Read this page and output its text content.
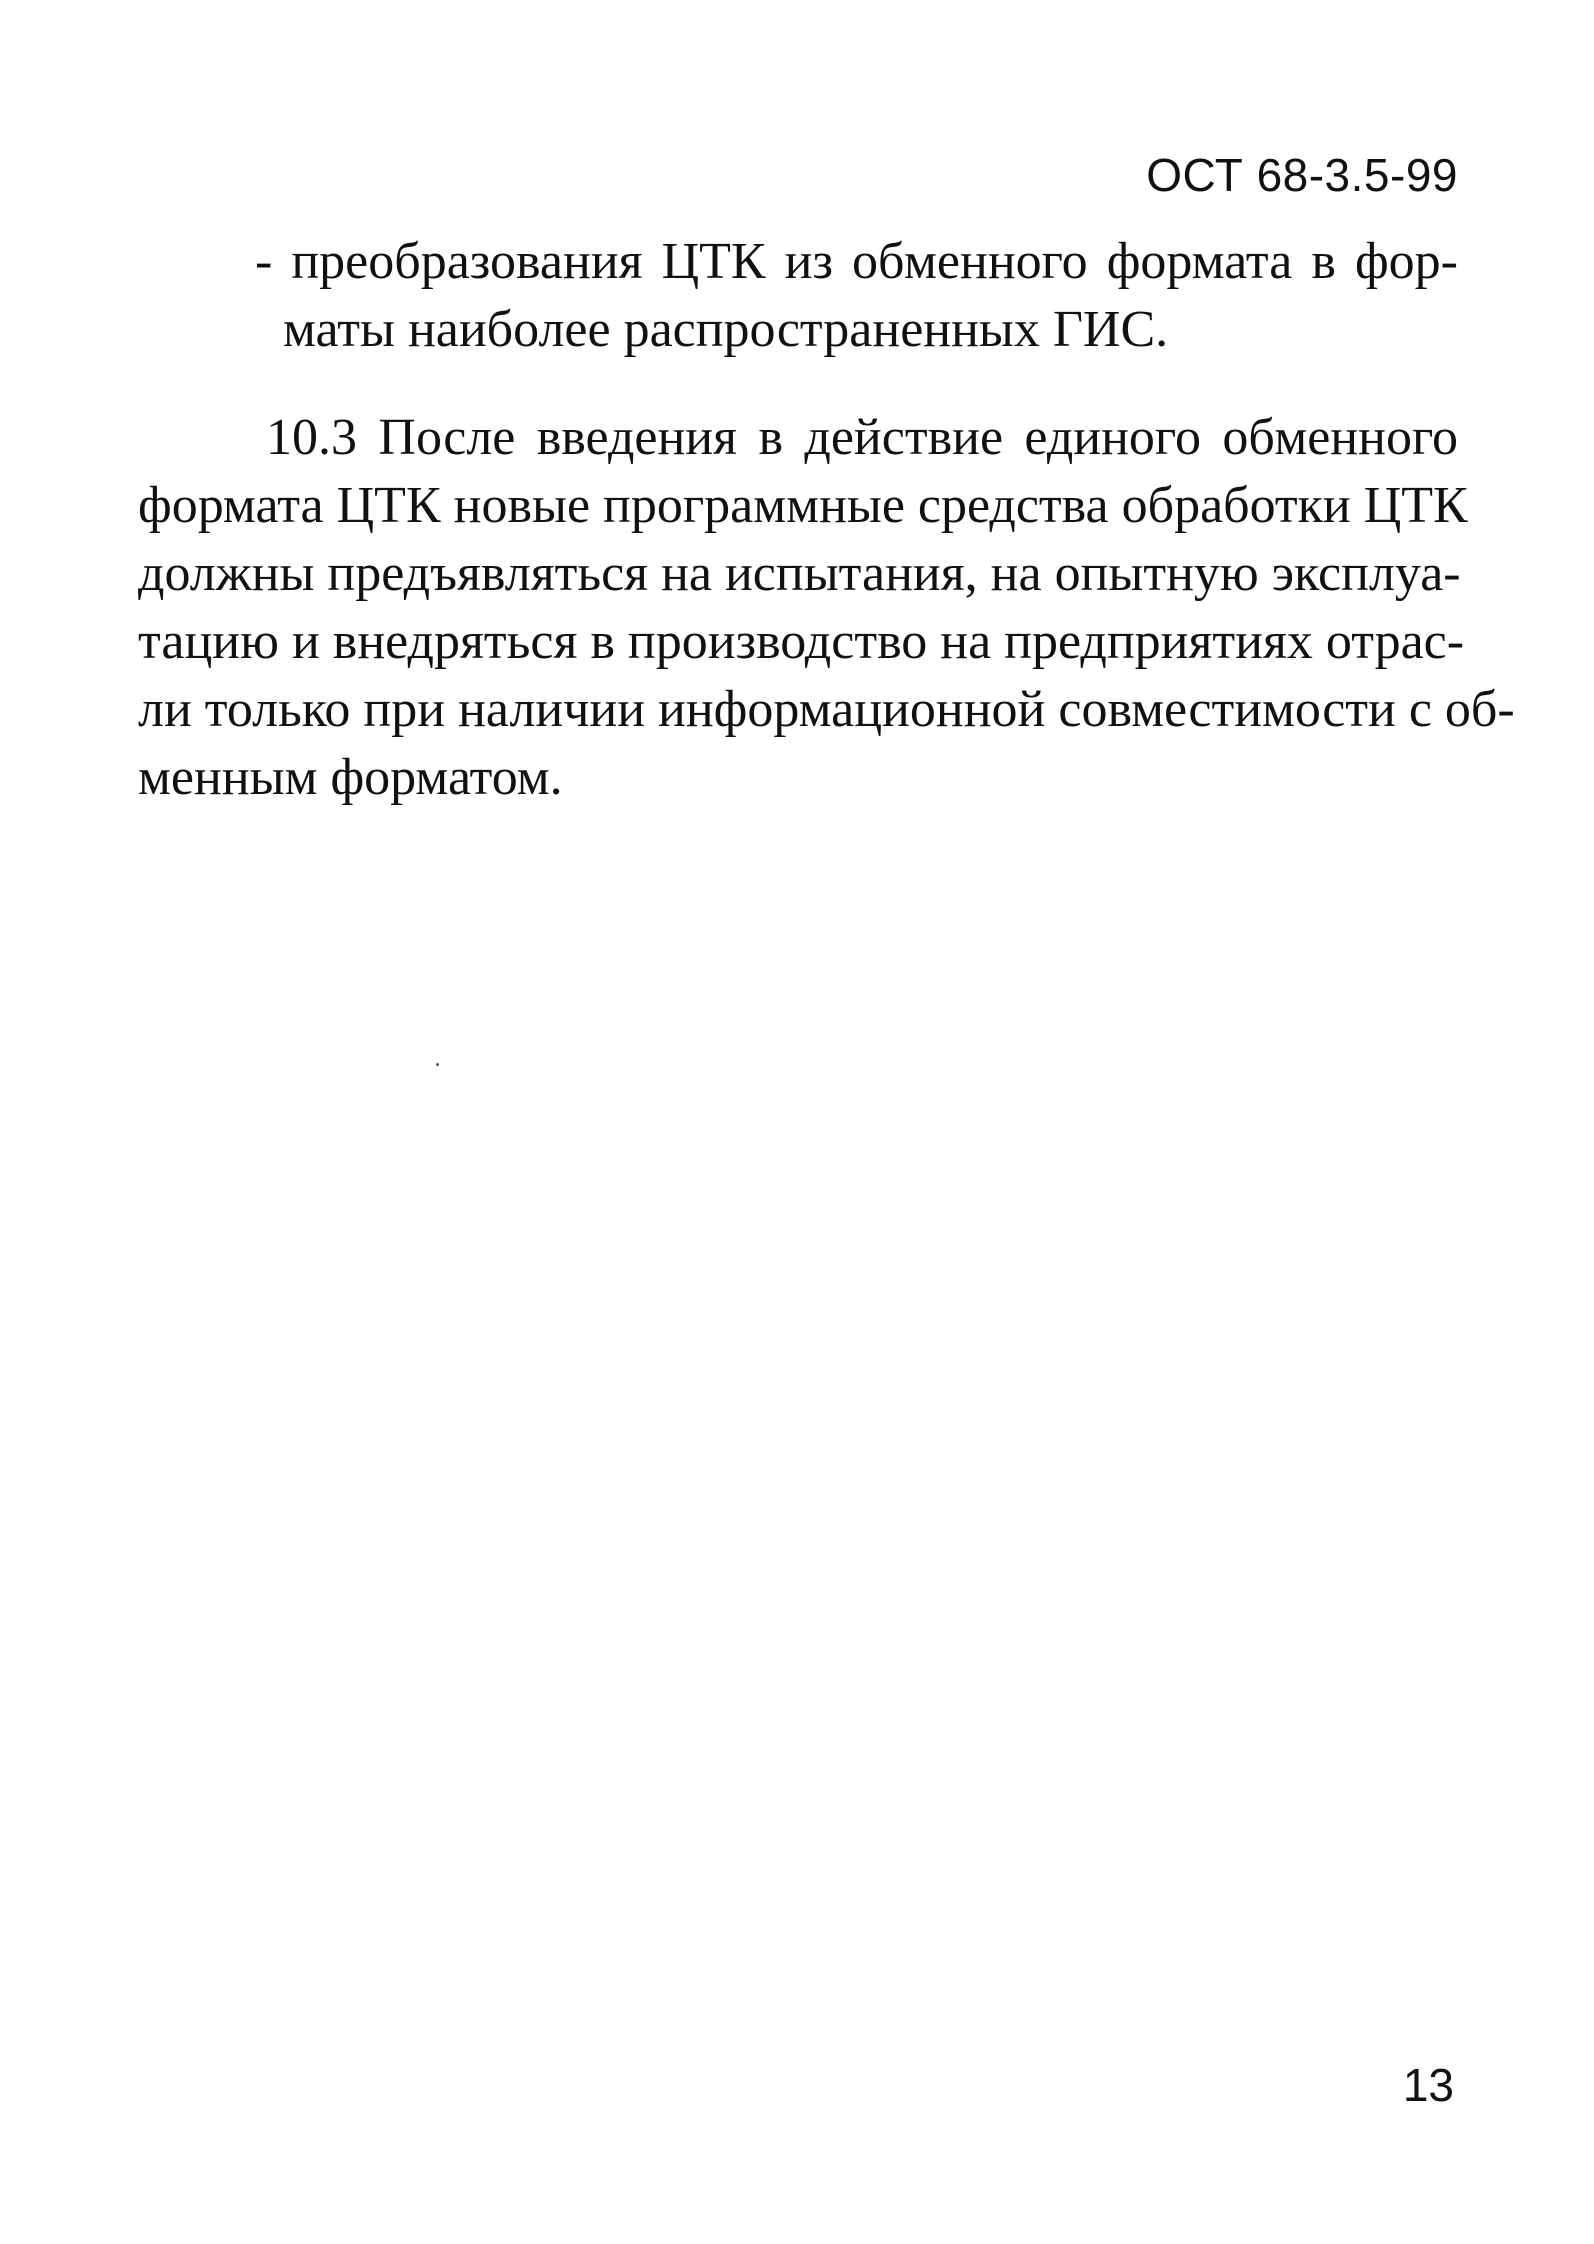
ОСТ 68-3.5-99
- преобразования ЦТК из обменного формата в фор-
маты наиболее распространенных ГИС.
10.3 После введения в действие единого обменного
формата ЦТК новые программные средства обработки ЦТК
должны предъявляться на испытания, на опытную эксплуа-
тацию и внедряться в производство на предприятиях отрас-
ли только при наличии информационной совместимости с об-
менным форматом.
13
